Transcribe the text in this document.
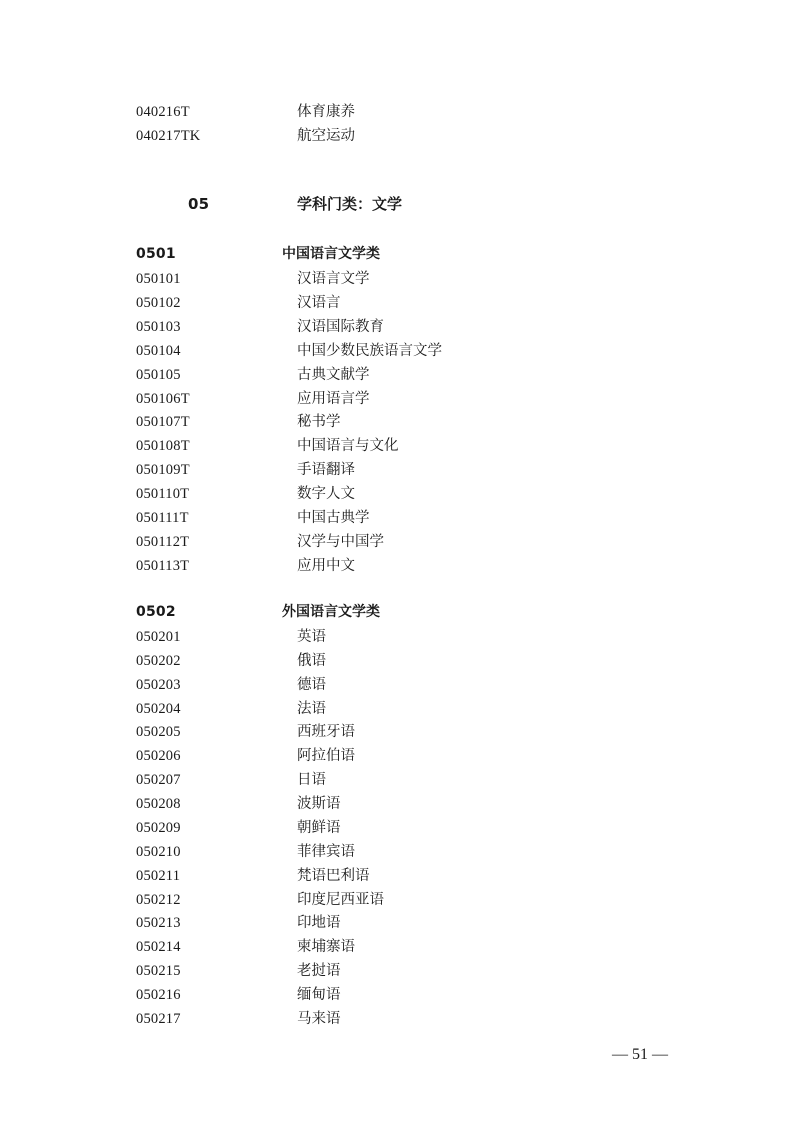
040216T	体育康养
040217TK	航空运动
05	学科门类：文学
0501	中国语言文学类
050101	汉语言文学
050102	汉语言
050103	汉语国际教育
050104	中国少数民族语言文学
050105	古典文献学
050106T	应用语言学
050107T	秘书学
050108T	中国语言与文化
050109T	手语翻译
050110T	数字人文
050111T	中国古典学
050112T	汉学与中国学
050113T	应用中文
0502	外国语言文学类
050201	英语
050202	俄语
050203	德语
050204	法语
050205	西班牙语
050206	阿拉伯语
050207	日语
050208	波斯语
050209	朝鲜语
050210	菲律宾语
050211	梵语巴利语
050212	印度尼西亚语
050213	印地语
050214	柬埔寨语
050215	老挝语
050216	缅甸语
050217	马来语
— 51 —
